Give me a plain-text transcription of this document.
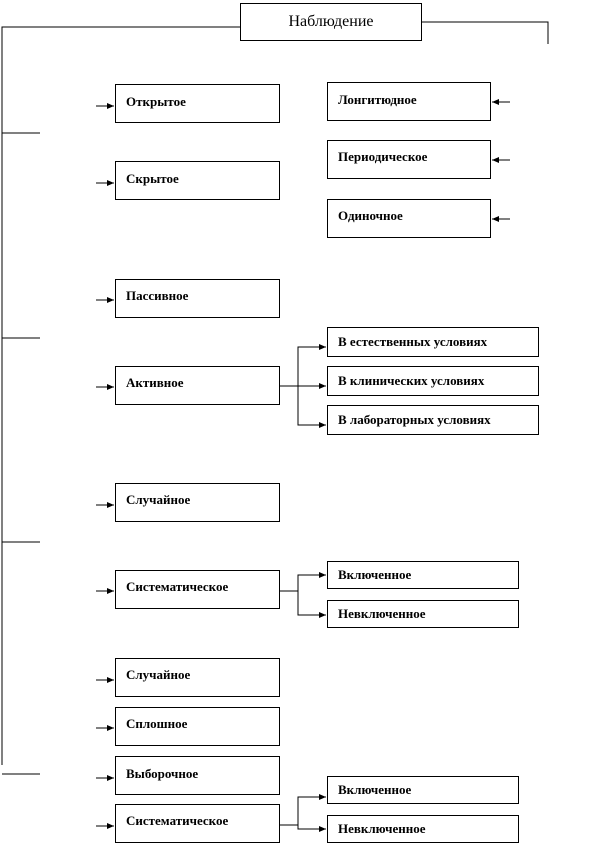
Наблюдение
Открытое
Скрытое
Пассивное
Активное
Случайное
Систематическое
Случайное
Сплошное
Выборочное
Систематическое
Лонгитюдное
Периодическое
Одиночное
В естественных условиях
В клинических условиях
В лабораторных условиях
Включенное
Невключенное
Включенное
Невключенное
